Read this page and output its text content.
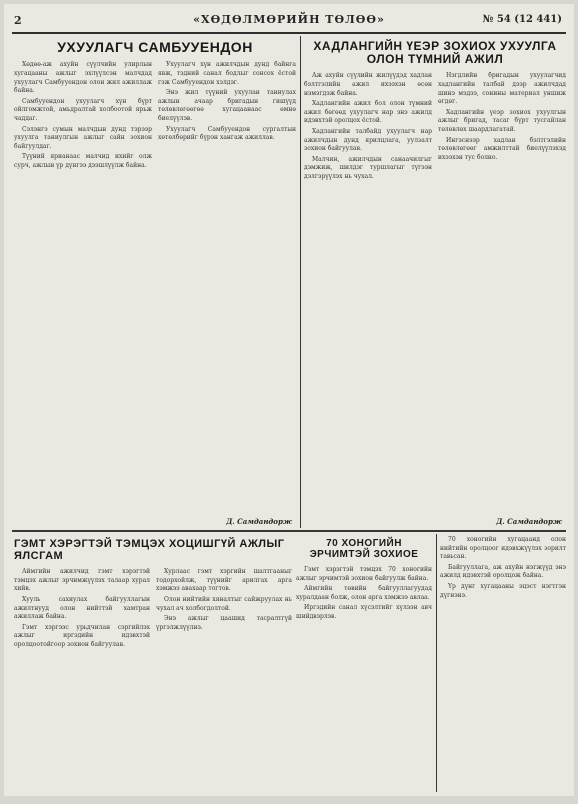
2	«ХӨДӨЛМӨРИЙН ТӨЛӨӨ»	№ 54 (12 441)
УХУУЛАГЧ САМБУУЕНДОН

Хөдөө-аж ахуйн сүүлчийн улирлын хугацааны ажлыг эхлүүлсэн малчдад ухуулагч Самбууендон олон жил ажиллаж байна.

Самбууендон ухуулагч хүн бүрт ойлгомжтой, амьдралтай холбоотой ярьж чаддаг.

Сэлэнгэ сумын малчдын дунд тэрээр ухуулга таниулгын ажлыг сайн зохион байгуулдаг.

Түүний ярианаас малчид ихийг олж сурч, ажлын үр дүнгээ дээшлүүлж байна.

Ухуулагч хүн ажилчдын дунд байнга явж, тэдний санал бодлыг сонсох ёстой гэж Самбууендон хэлдэг.

Энэ жил түүний ухуулан таниулах ажлын ачаар бригадын гишүүд төлөвлөгөөгөө хугацаанаас өмнө биелүүлэв.

Ухуулагч Самбууендон сургалтын хөтөлбөрийг бүрэн хангаж ажиллав.

Д. Самдандорж
ХАДЛАНГИЙН ҮЕЭР ЗОХИОХ УХУУЛГА ОЛОН ТҮМНИЙ АЖИЛ

Аж ахуйн сүүлийн жилүүдэд хадлан бэлтгэлийн ажил ихээхэн өсөн нэмэгдэж байна.

Хадлангийн ажил бол олон түмний ажил бөгөөд ухуулагч нар энэ ажилд идэвхтэй оролцох ёстой.

Хадлангийн талбайд ухуулагч нар ажилчдын дунд ярилцлага, уулзалт зохион байгуулав.

Малчин, ажилчдын санаачилгыг дэмжиж, шилдэг туршлагыг түгээн дэлгэрүүлэх нь чухал.

Нэгдлийн бригадын ухуулагчид хадлангийн талбай дээр ажилчдад шинэ мэдээ, сонины материал уншиж өгдөг.

Хадлангийн үеэр зохиох ухуулгын ажлыг бригад, тасаг бүрт тусгайлан төлөвлөх шаардлагатай.

Ингэснээр хадлан бэлтгэлийн төлөвлөгөөг амжилттай биелүүлэхэд ихээхэн тус болно.

Д. Самдандорж
ГЭМТ ХЭРЭГТЭЙ ТЭМЦЭХ ХОЦИШГҮЙ АЖЛЫГ ЯЛСГАМ

Аймгийн ажилчид гэмт хэрэгтэй тэмцэх ажлыг эрчимжүүлэх талаар хурал хийв.

Хууль сахиулах байгууллагын ажилтнууд олон нийттэй хамтран ажиллаж байна.

Гэмт хэргээс урьдчилан сэргийлэх ажлыг иргэдийн идэвхтэй оролцоотойгоор зохион байгуулав.

Хурлаас гэмт хэргийн шалтгааныг тодорхойлж, түүнийг арилгах арга хэмжээ авахаар тогтов.

Олон нийтийн хяналтыг сайжруулах нь чухал ач холбогдолтой.

Энэ ажлыг цаашид тасралтгүй үргэлжлүүлнэ.

70 ХОНОГИЙН ЭРЧИМТЭЙ ЗОХИОЕ

Гэмт хэрэгтэй тэмцэх 70 хоногийн ажлыг эрчимтэй зохион байгуулж байна.

Аймгийн төвийн байгууллагуудад хуралдаан болж, олон арга хэмжээ авлаа.

Иргэдийн санал хүсэлтийг хүлээн авч шийдвэрлэв.

70 хоногийн хугацаанд олон нийтийн оролцоог идэвхжүүлэх зорилт тавьсан.

Байгууллага, аж ахуйн нэгжүүд энэ ажилд идэвхтэй оролцож байна.

Үр дүнг хугацааны эцэст нэгтгэн дүгнэнэ.
